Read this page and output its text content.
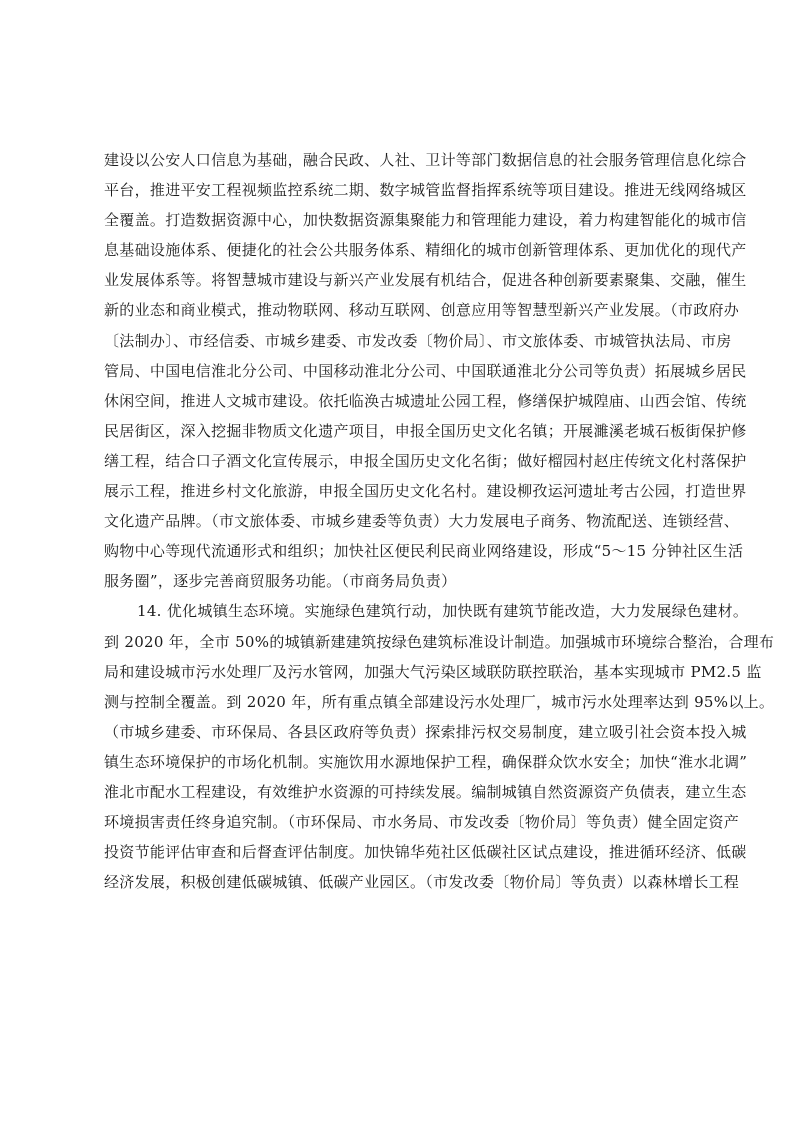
建设以公安人口信息为基础，融合民政、人社、卫计等部门数据信息的社会服务管理信息化综合
平台，推进平安工程视频监控系统二期、数字城管监督指挥系统等项目建设。推进无线网络城区
全覆盖。打造数据资源中心，加快数据资源集聚能力和管理能力建设，着力构建智能化的城市信
息基础设施体系、便捷化的社会公共服务体系、精细化的城市创新管理体系、更加优化的现代产
业发展体系等。将智慧城市建设与新兴产业发展有机结合，促进各种创新要素聚集、交融，催生
新的业态和商业模式，推动物联网、移动互联网、创意应用等智慧型新兴产业发展。（市政府办
〔法制办〕、市经信委、市城乡建委、市发改委〔物价局〕、市文旅体委、市城管执法局、市房
管局、中国电信淮北分公司、中国移动淮北分公司、中国联通淮北分公司等负责）拓展城乡居民
休闲空间，推进人文城市建设。依托临涣古城遗址公园工程，修缮保护城隍庙、山西会馆、传统
民居街区，深入挖掘非物质文化遗产项目，申报全国历史文化名镇；开展濉溪老城石板街保护修
缮工程，结合口子酒文化宣传展示，申报全国历史文化名街；做好榴园村赵庄传统文化村落保护
展示工程，推进乡村文化旅游，申报全国历史文化名村。建设柳孜运河遗址考古公园，打造世界
文化遗产品牌。（市文旅体委、市城乡建委等负责）大力发展电子商务、物流配送、连锁经营、
购物中心等现代流通形式和组织；加快社区便民利民商业网络建设，形成“5～15 分钟社区生活
服务圈”，逐步完善商贸服务功能。（市商务局负责）
14. 优化城镇生态环境。实施绿色建筑行动，加快既有建筑节能改造，大力发展绿色建材。
到 2020 年，全市 50%的城镇新建建筑按绿色建筑标准设计制造。加强城市环境综合整治，合理布
局和建设城市污水处理厂及污水管网，加强大气污染区域联防联控联治，基本实现城市 PM2.5 监
测与控制全覆盖。到 2020 年，所有重点镇全部建设污水处理厂，城市污水处理率达到 95%以上。
（市城乡建委、市环保局、各县区政府等负责）探索排污权交易制度，建立吸引社会资本投入城
镇生态环境保护的市场化机制。实施饮用水源地保护工程，确保群众饮水安全；加快“淮水北调”
淮北市配水工程建设，有效维护水资源的可持续发展。编制城镇自然资源资产负债表，建立生态
环境损害责任终身追究制。（市环保局、市水务局、市发改委〔物价局〕等负责）健全固定资产
投资节能评估审查和后督查评估制度。加快锦华苑社区低碳社区试点建设，推进循环经济、低碳
经济发展，积极创建低碳城镇、低碳产业园区。（市发改委〔物价局〕等负责）以森林增长工程
